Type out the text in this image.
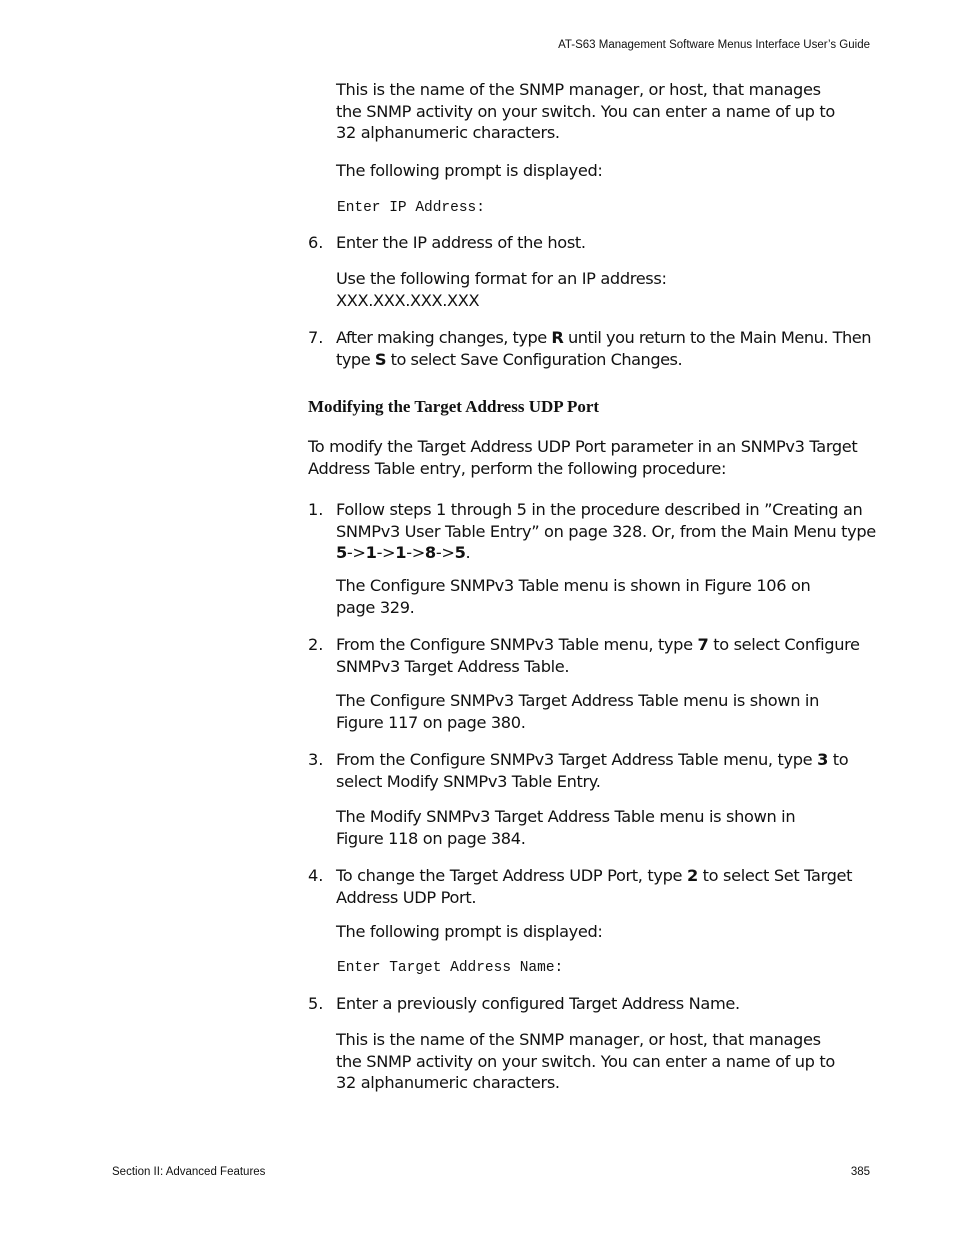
AT-S63 Management Software Menus Interface User’s Guide
This is the name of the SNMP manager, or host, that manages the SNMP activity on your switch. You can enter a name of up to 32 alphanumeric characters.
The following prompt is displayed:
Enter IP Address:
6. Enter the IP address of the host.
Use the following format for an IP address:
XXX.XXX.XXX.XXX
7. After making changes, type R until you return to the Main Menu. Then type S to select Save Configuration Changes.
Modifying the Target Address UDP Port
To modify the Target Address UDP Port parameter in an SNMPv3 Target Address Table entry, perform the following procedure:
1. Follow steps 1 through 5 in the procedure described in ”Creating an SNMPv3 User Table Entry” on page 328. Or, from the Main Menu type 5->1->1->8->5.
The Configure SNMPv3 Table menu is shown in Figure 106 on page 329.
2. From the Configure SNMPv3 Table menu, type 7 to select Configure SNMPv3 Target Address Table.
The Configure SNMPv3 Target Address Table menu is shown in Figure 117 on page 380.
3. From the Configure SNMPv3 Target Address Table menu, type 3 to select Modify SNMPv3 Table Entry.
The Modify SNMPv3 Target Address Table menu is shown in Figure 118 on page 384.
4. To change the Target Address UDP Port, type 2 to select Set Target Address UDP Port.
The following prompt is displayed:
Enter Target Address Name:
5. Enter a previously configured Target Address Name.
This is the name of the SNMP manager, or host, that manages the SNMP activity on your switch. You can enter a name of up to 32 alphanumeric characters.
Section II: Advanced Features	385
